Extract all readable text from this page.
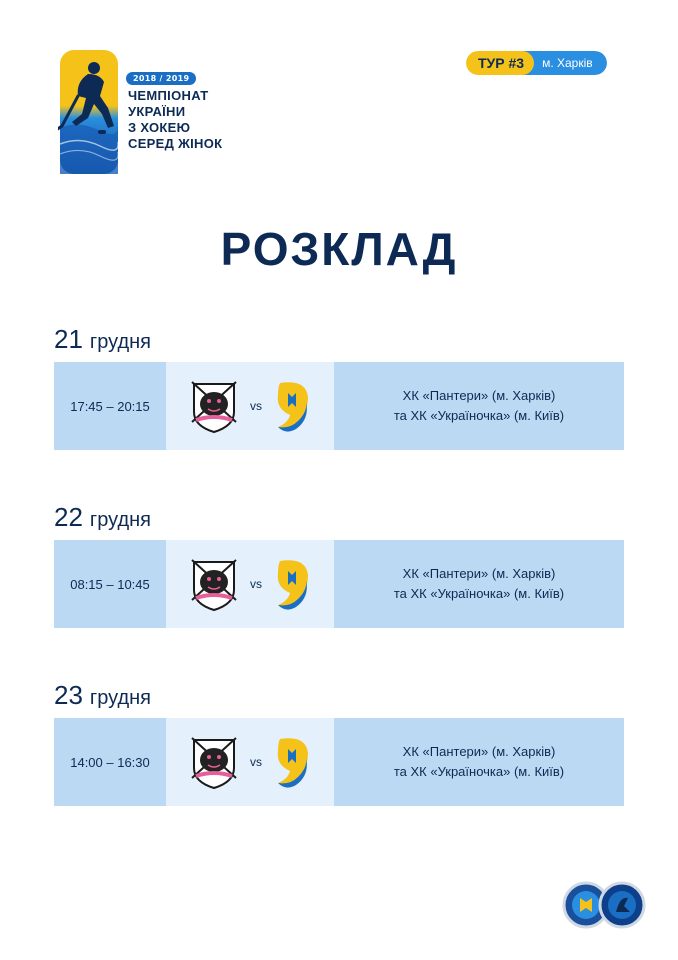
2018 / 2019
ЧЕМПІОНАТ
УКРАЇНИ
З ХОКЕЮ
СЕРЕД ЖІНОК
ТУР #3	м. Харків
РОЗКЛАД
21 грудня
17:45 – 20:15	vs
ХК «Пантери» (м. Харків)
та ХК «Україночка» (м. Київ)
22 грудня
08:15 – 10:45	vs
ХК «Пантери» (м. Харків)
та ХК «Україночка» (м. Київ)
23 грудня
14:00 – 16:30	vs
ХК «Пантери» (м. Харків)
та ХК «Україночка» (м. Київ)
